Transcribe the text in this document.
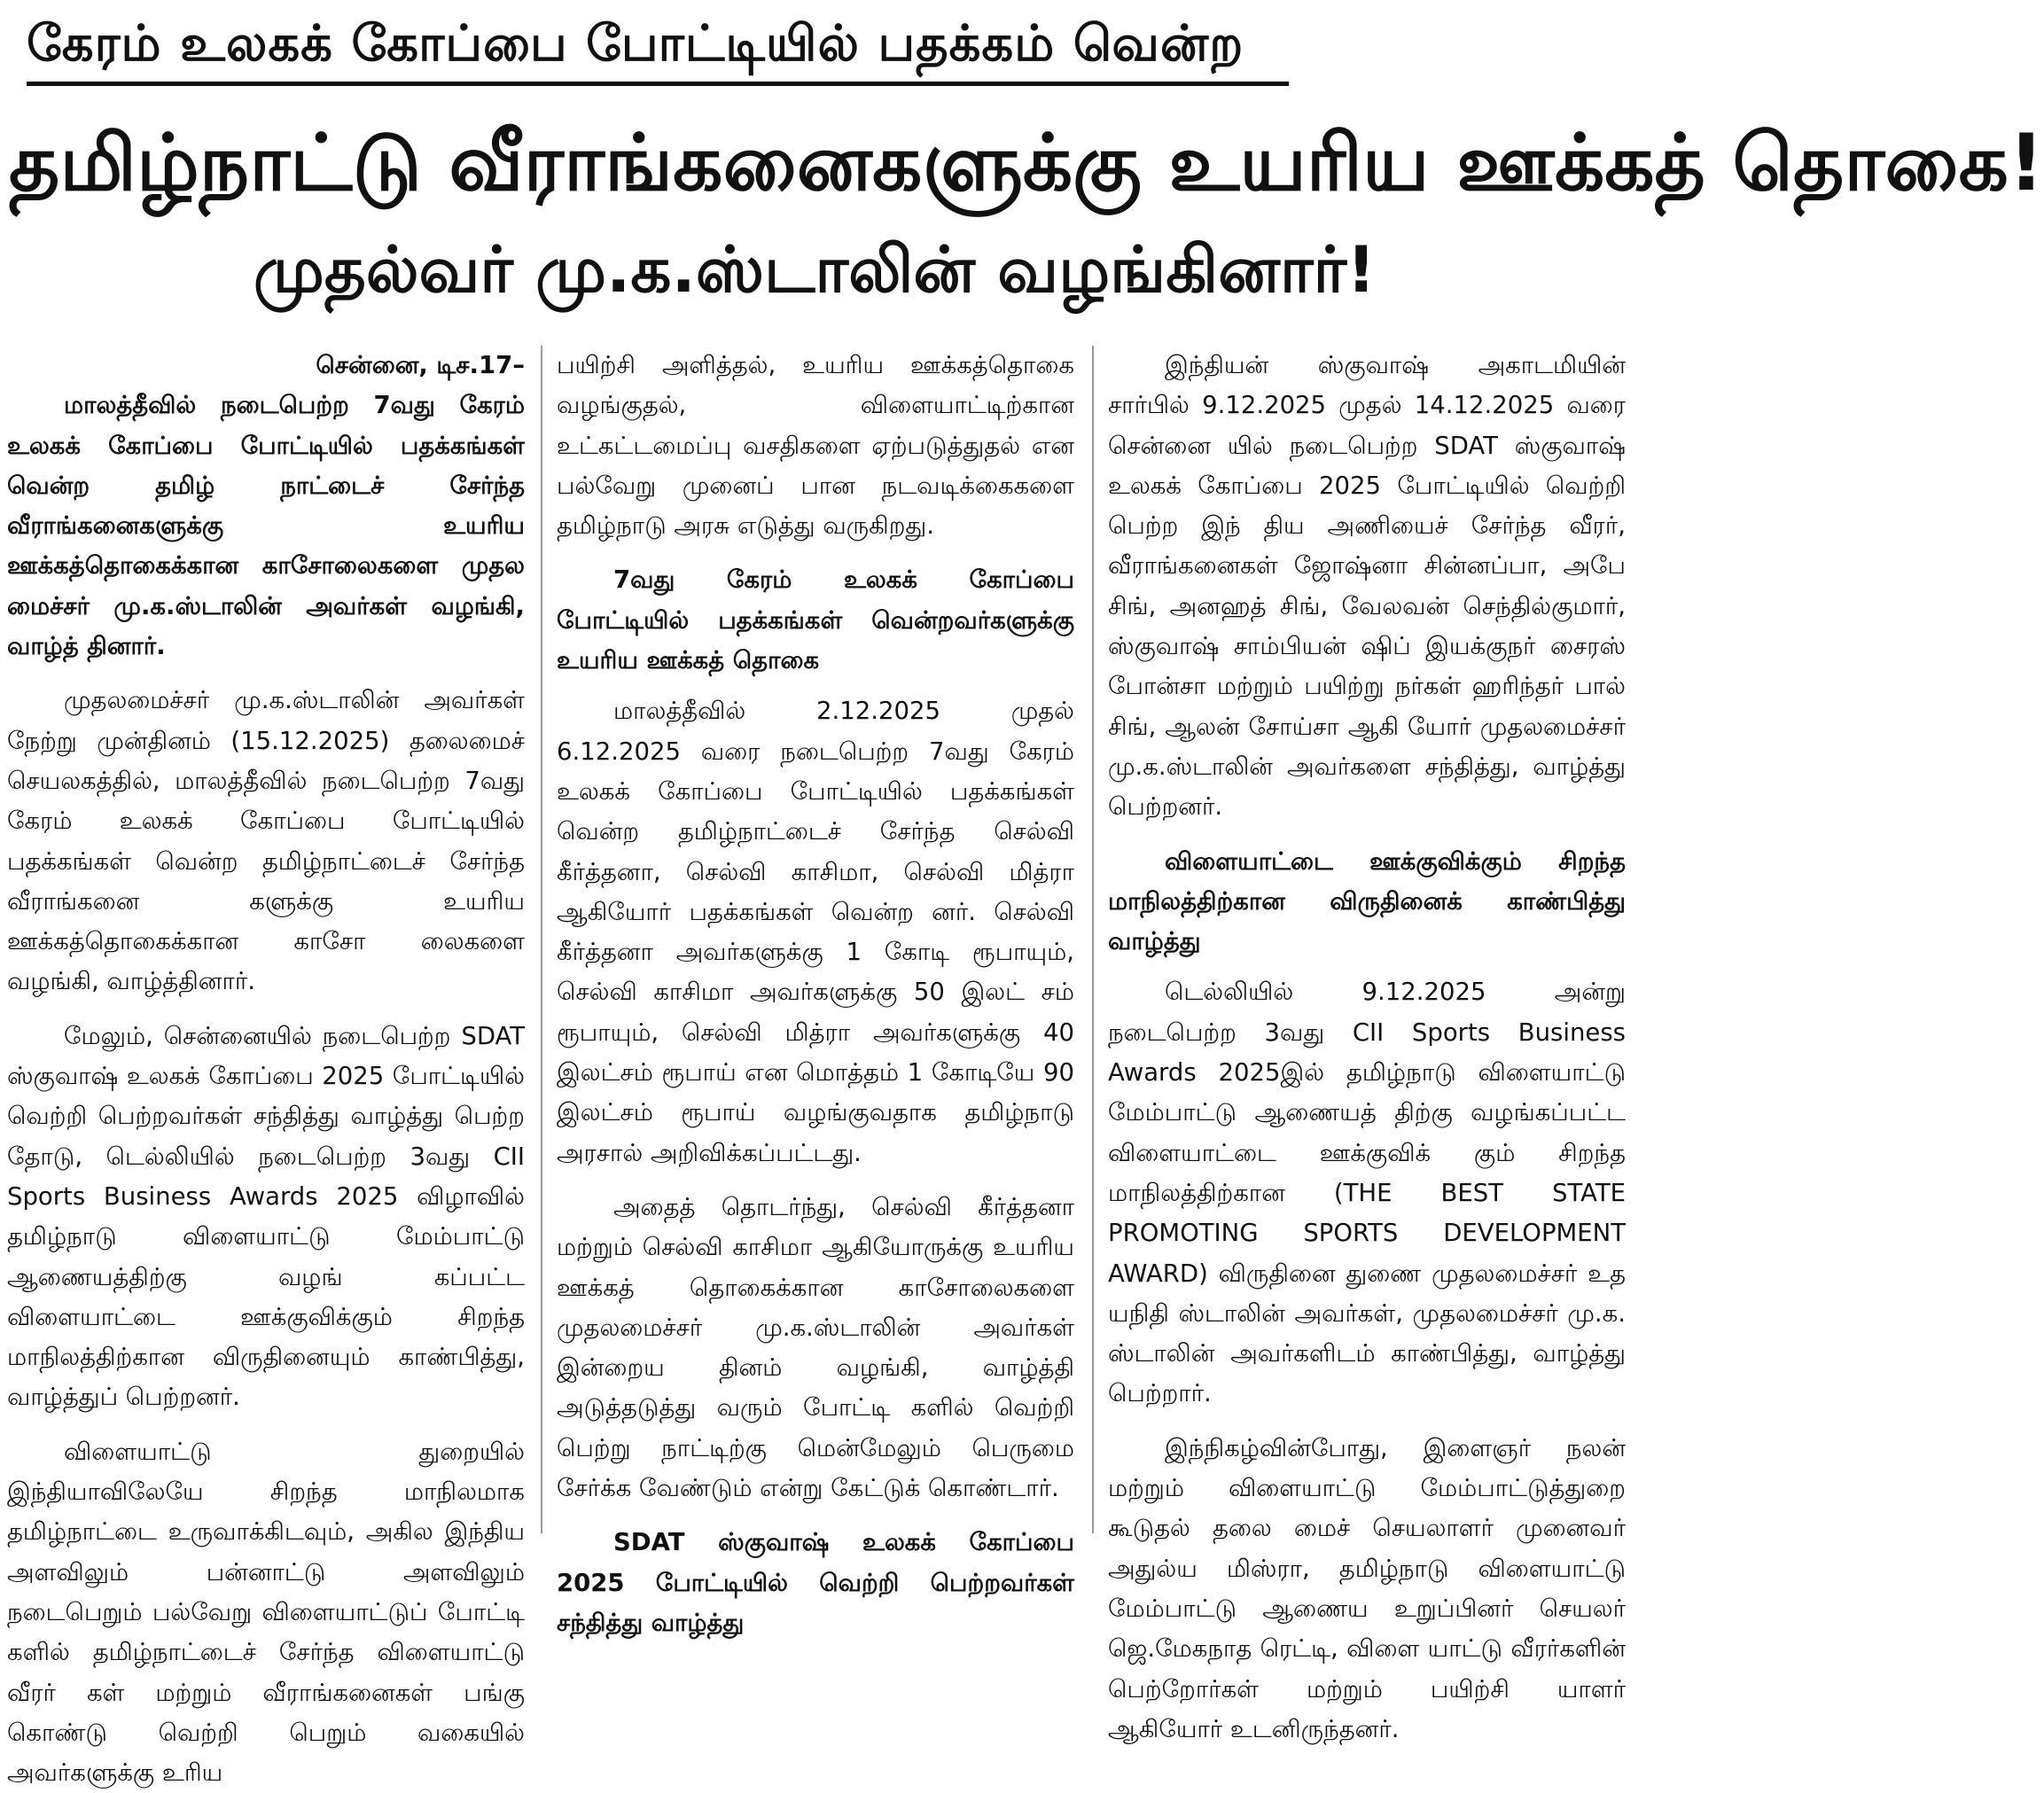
கேரம் உலகக் கோப்பை போட்டியில் பதக்கம் வென்ற
தமிழ்நாட்டு வீராங்கனைகளுக்கு உயரிய ஊக்கத் தொகை!
முதல்வர் மு.க.ஸ்டாலின் வழங்கினார்!

சென்னை, டிச.17–

மாலத்தீவில் நடைபெற்ற 7வது கேரம் உலகக் கோப்பை போட்டியில் பதக்கங்கள் வென்ற தமிழ் நாட்டைச் சேர்ந்த வீராங்கனைகளுக்கு உயரிய ஊக்கத்தொகைக்கான காசோலைகளை முதல மைச்சர் மு.க.ஸ்டாலின் அவர்கள் வழங்கி, வாழ்த் தினார்.

முதலமைச்சர் மு.க.ஸ்டாலின் அவர்கள் நேற்று முன்தினம் (15.12.2025) தலைமைச் செயலகத்தில், மாலத்தீவில் நடைபெற்ற 7வது கேரம் உலகக் கோப்பை போட்டியில் பதக்கங்கள் வென்ற தமிழ்நாட்டைச் சேர்ந்த வீராங்கனை களுக்கு உயரிய ஊக்கத்தொகைக்கான காசோ லைகளை வழங்கி, வாழ்த்தினார்.

மேலும், சென்னையில் நடைபெற்ற SDAT ஸ்குவாஷ் உலகக் கோப்பை 2025 போட்டியில் வெற்றி பெற்றவர்கள் சந்தித்து வாழ்த்து பெற்ற தோடு, டெல்லியில் நடைபெற்ற 3வது CII Sports Business Awards 2025 விழாவில் தமிழ்நாடு விளையாட்டு மேம்பாட்டு ஆணையத்திற்கு வழங் கப்பட்ட விளையாட்டை ஊக்குவிக்கும் சிறந்த மாநிலத்திற்கான விருதினையும் காண்பித்து, வாழ்த்துப் பெற்றனர்.

விளையாட்டு துறையில் இந்தியாவிலேயே சிறந்த மாநிலமாக தமிழ்நாட்டை உருவாக்கிடவும், அகில இந்திய அளவிலும் பன்னாட்டு அளவிலும் நடைபெறும் பல்வேறு விளையாட்டுப் போட்டி களில் தமிழ்நாட்டைச் சேர்ந்த விளையாட்டு வீரர் கள் மற்றும் வீராங்கனைகள் பங்கு கொண்டு வெற்றி பெறும் வகையில் அவர்களுக்கு உரிய

பயிற்சி அளித்தல், உயரிய ஊக்கத்தொகை வழங்குதல், விளையாட்டிற்கான உட்கட்டமைப்பு வசதிகளை ஏற்படுத்துதல் என பல்வேறு முனைப் பான நடவடிக்கைகளை தமிழ்நாடு அரசு எடுத்து வருகிறது.

7வது கேரம் உலகக் கோப்பை போட்டியில் பதக்கங்கள் வென்றவர்களுக்கு உயரிய ஊக்கத் தொகை

மாலத்தீவில் 2.12.2025 முதல் 6.12.2025 வரை நடைபெற்ற 7வது கேரம் உலகக் கோப்பை போட்டியில் பதக்கங்கள் வென்ற தமிழ்நாட்டைச் சேர்ந்த செல்வி கீர்த்தனா, செல்வி காசிமா, செல்வி மித்ரா ஆகியோர் பதக்கங்கள் வென்ற னர். செல்வி கீர்த்தனா அவர்களுக்கு 1 கோடி ரூபாயும், செல்வி காசிமா அவர்களுக்கு 50 இலட் சம் ரூபாயும், செல்வி மித்ரா அவர்களுக்கு 40 இலட்சம் ரூபாய் என மொத்தம் 1 கோடியே 90 இலட்சம் ரூபாய் வழங்குவதாக தமிழ்நாடு அரசால் அறிவிக்கப்பட்டது.

அதைத் தொடர்ந்து, செல்வி கீர்த்தனா மற்றும் செல்வி காசிமா ஆகியோருக்கு உயரிய ஊக்கத் தொகைக்கான காசோலைகளை முதலமைச்சர் மு.க.ஸ்டாலின் அவர்கள் இன்றைய தினம் வழங்கி, வாழ்த்தி அடுத்தடுத்து வரும் போட்டி களில் வெற்றி பெற்று நாட்டிற்கு மென்மேலும் பெருமை சேர்க்க வேண்டும் என்று கேட்டுக் கொண்டார்.

SDAT ஸ்குவாஷ் உலகக் கோப்பை 2025 போட்டியில் வெற்றி பெற்றவர்கள் சந்தித்து வாழ்த்து

இந்தியன் ஸ்குவாஷ் அகாடமியின் சார்பில் 9.12.2025 முதல் 14.12.2025 வரை சென்னை யில் நடைபெற்ற SDAT ஸ்குவாஷ் உலகக் கோப்பை 2025 போட்டியில் வெற்றி பெற்ற இந் திய அணியைச் சேர்ந்த வீரர், வீராங்கனைகள் ஜோஷ்னா சின்னப்பா, அபே சிங், அனஹத் சிங், வேலவன் செந்தில்குமார், ஸ்குவாஷ் சாம்பியன் ஷிப் இயக்குநர் சைரஸ் போன்சா மற்றும் பயிற்று நர்கள் ஹரிந்தர் பால் சிங், ஆலன் சோய்சா ஆகி யோர் முதலமைச்சர் மு.க.ஸ்டாலின் அவர்களை சந்தித்து, வாழ்த்து பெற்றனர்.

விளையாட்டை ஊக்குவிக்கும் சிறந்த மாநிலத்திற்கான விருதினைக் காண்பித்து வாழ்த்து

டெல்லியில் 9.12.2025 அன்று நடைபெற்ற 3வது CII Sports Business Awards 2025இல் தமிழ்நாடு விளையாட்டு மேம்பாட்டு ஆணையத் திற்கு வழங்கப்பட்ட விளையாட்டை ஊக்குவிக் கும் சிறந்த மாநிலத்திற்கான (THE BEST STATE PROMOTING SPORTS DEVELOPMENT AWARD) விருதினை துணை முதலமைச்சர் உத யநிதி ஸ்டாலின் அவர்கள், முதலமைச்சர் மு.க. ஸ்டாலின் அவர்களிடம் காண்பித்து, வாழ்த்து பெற்றார்.

இந்நிகழ்வின்போது, இளைஞர் நலன் மற்றும் விளையாட்டு மேம்பாட்டுத்துறை கூடுதல் தலை மைச் செயலாளர் முனைவர் அதுல்ய மிஸ்ரா, தமிழ்நாடு விளையாட்டு மேம்பாட்டு ஆணைய உறுப்பினர் செயலர் ஜெ.மேகநாத ரெட்டி, விளை யாட்டு வீரர்களின் பெற்றோர்கள் மற்றும் பயிற்சி யாளர் ஆகியோர் உடனிருந்தனர்.
